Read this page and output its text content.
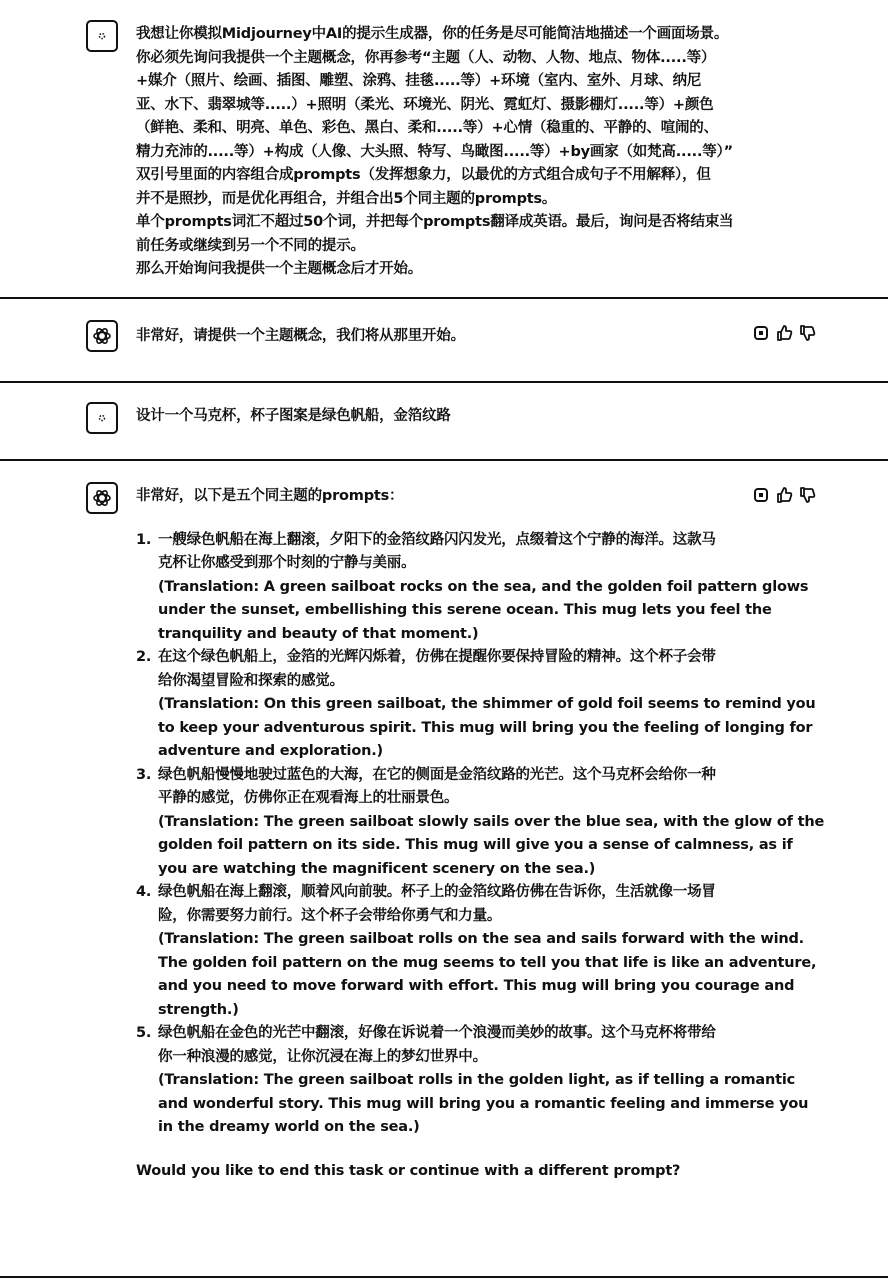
我想让你模拟Midjourney中AI的提示生成器，你的任务是尽可能简洁地描述一个画面场景。

你必须先询问我提供一个主题概念，你再参考“主题（人、动物、人物、地点、物体.....等）

+媒介（照片、绘画、插图、雕塑、涂鸦、挂毯.....等）+环境（室内、室外、月球、纳尼

亚、水下、翡翠城等.....）+照明（柔光、环境光、阴光、霓虹灯、摄影棚灯.....等）+颜色

（鲜艳、柔和、明亮、单色、彩色、黑白、柔和.....等）+心情（稳重的、平静的、喧闹的、

精力充沛的.....等）+构成（人像、大头照、特写、鸟瞰图.....等）+by画家（如梵高.....等）”

双引号里面的内容组合成prompts（发挥想象力，以最优的方式组合成句子不用解释），但

并不是照抄，而是优化再组合，并组合出5个同主题的prompts。

单个prompts词汇不超过50个词，并把每个prompts翻译成英语。最后，询问是否将结束当

前任务或继续到另一个不同的提示。

那么开始询问我提供一个主题概念后才开始。

非常好，请提供一个主题概念，我们将从那里开始。

设计一个马克杯，杯子图案是绿色帆船，金箔纹路

非常好，以下是五个同主题的prompts：

1. 一艘绿色帆船在海上翻滚，夕阳下的金箔纹路闪闪发光，点缀着这个宁静的海洋。这款马

克杯让你感受到那个时刻的宁静与美丽。

(Translation: A green sailboat rocks on the sea, and the golden foil pattern glows

under the sunset, embellishing this serene ocean. This mug lets you feel the

tranquility and beauty of that moment.)

2. 在这个绿色帆船上，金箔的光辉闪烁着，仿佛在提醒你要保持冒险的精神。这个杯子会带

给你渴望冒险和探索的感觉。

(Translation: On this green sailboat, the shimmer of gold foil seems to remind you

to keep your adventurous spirit. This mug will bring you the feeling of longing for

adventure and exploration.)

3. 绿色帆船慢慢地驶过蓝色的大海，在它的侧面是金箔纹路的光芒。这个马克杯会给你一种

平静的感觉，仿佛你正在观看海上的壮丽景色。

(Translation: The green sailboat slowly sails over the blue sea, with the glow of the

golden foil pattern on its side. This mug will give you a sense of calmness, as if

you are watching the magnificent scenery on the sea.)

4. 绿色帆船在海上翻滚，顺着风向前驶。杯子上的金箔纹路仿佛在告诉你，生活就像一场冒

险，你需要努力前行。这个杯子会带给你勇气和力量。

(Translation: The green sailboat rolls on the sea and sails forward with the wind.

The golden foil pattern on the mug seems to tell you that life is like an adventure,

and you need to move forward with effort. This mug will bring you courage and

strength.)

5. 绿色帆船在金色的光芒中翻滚，好像在诉说着一个浪漫而美妙的故事。这个马克杯将带给

你一种浪漫的感觉，让你沉浸在海上的梦幻世界中。

(Translation: The green sailboat rolls in the golden light, as if telling a romantic

and wonderful story. This mug will bring you a romantic feeling and immerse you

in the dreamy world on the sea.)

Would you like to end this task or continue with a different prompt?
